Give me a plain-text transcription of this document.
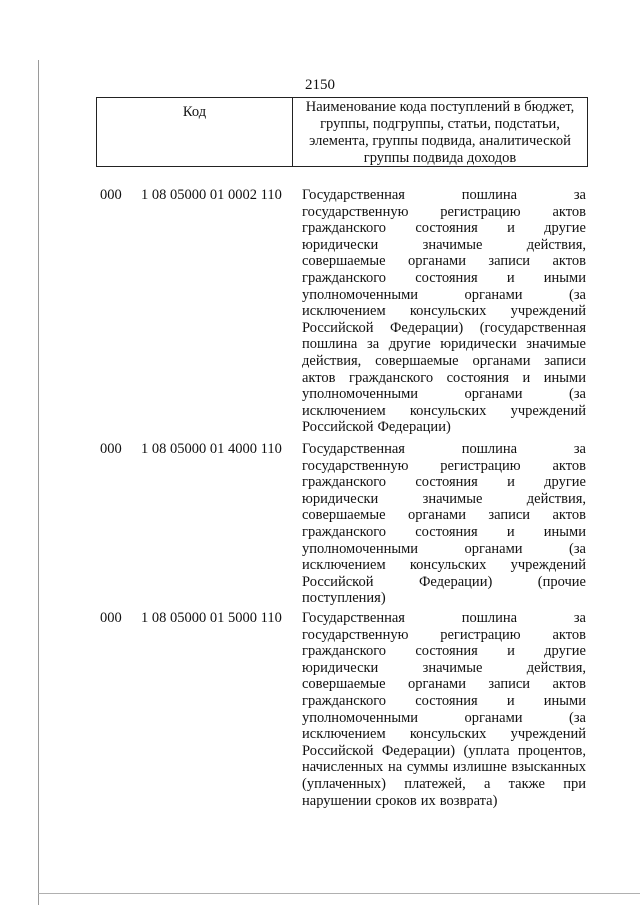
2150
Код	Наименование кода поступлений в бюджет,
группы, подгруппы, статьи, подстатьи,
элемента, группы подвида, аналитической
группы подвида доходов
000	1 08 05000 01 0002 110	Государственная	пошлина	за
государственную регистрацию актов
гражданского состояния и другие
юридически	значимые	действия,
совершаемые органами записи актов
гражданского состояния и иными
уполномоченными	органами	(за
исключением консульских учреждений
Российской Федерации) (государственная
пошлина за другие юридически значимые
действия, совершаемые органами записи
актов гражданского состояния и иными
уполномоченными	органами	(за
исключением консульских учреждений
Российской Федерации)
000	1 08 05000 01 4000 110	Государственная	пошлина	за
государственную регистрацию актов
гражданского состояния и другие
юридически	значимые	действия,
совершаемые органами записи актов
гражданского состояния и иными
уполномоченными	органами	(за
исключением консульских учреждений
Российской	Федерации)	(прочие
поступления)
000	1 08 05000 01 5000 110	Государственная	пошлина	за
государственную регистрацию актов
гражданского состояния и другие
юридически	значимые	действия,
совершаемые органами записи актов
гражданского состояния и иными
уполномоченными	органами	(за
исключением консульских учреждений
Российской Федерации) (уплата процентов,
начисленных на суммы излишне взысканных
(уплаченных) платежей, а также при
нарушении сроков их возврата)
